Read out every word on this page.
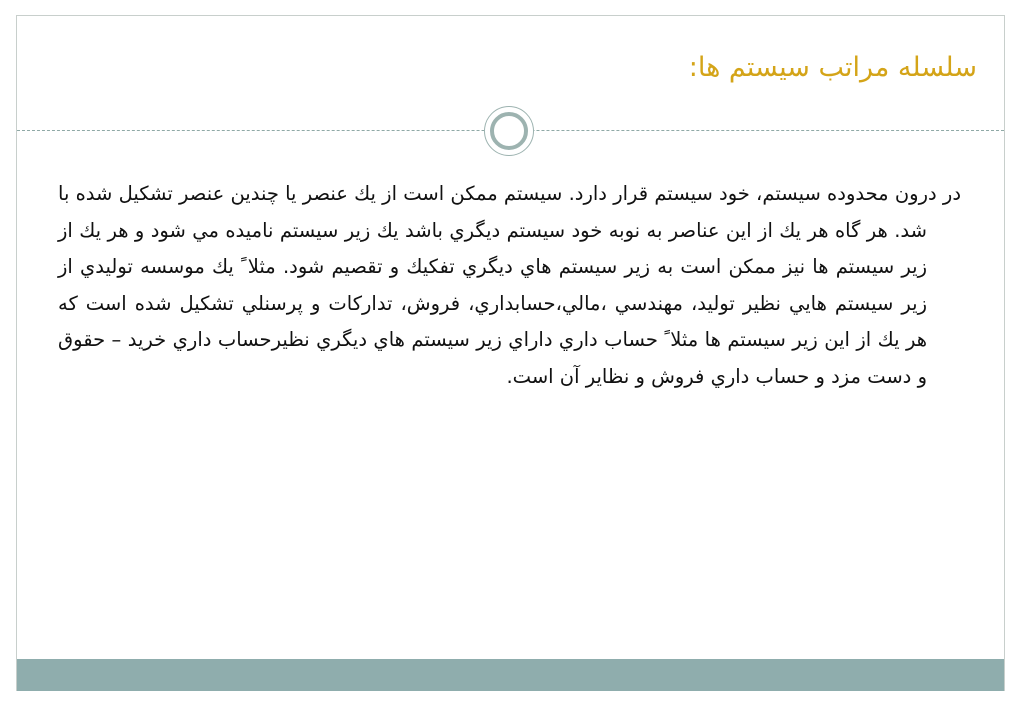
سلسله مراتب سيستم ها:

در درون محدوده سيستم، خود سيستم قرار دارد. سيستم ممكن است از يك عنصر يا چندين عنصر تشكيل شده با شد. هر گاه هر يك از اين عناصر به نوبه خود سيستم ديگري باشد يك زير سيستم ناميده مي شود و هر يك از زير سيستم ها نيز ممكن است به زير سيستم هاي ديگري تفكيك و تقصيم شود. مثلا ً يك موسسه توليدي از زير سيستم هايي نظير توليد، مهندسي ،مالي،حسابداري، فروش، تداركات و پرسنلي تشكيل شده است كه هر يك از اين زير سيستم ها مثلا ً حساب داري داراي زير سيستم هاي ديگري نظيرحساب داري خريد – حقوق و دست مزد و حساب داري فروش و نظاير آن است.
